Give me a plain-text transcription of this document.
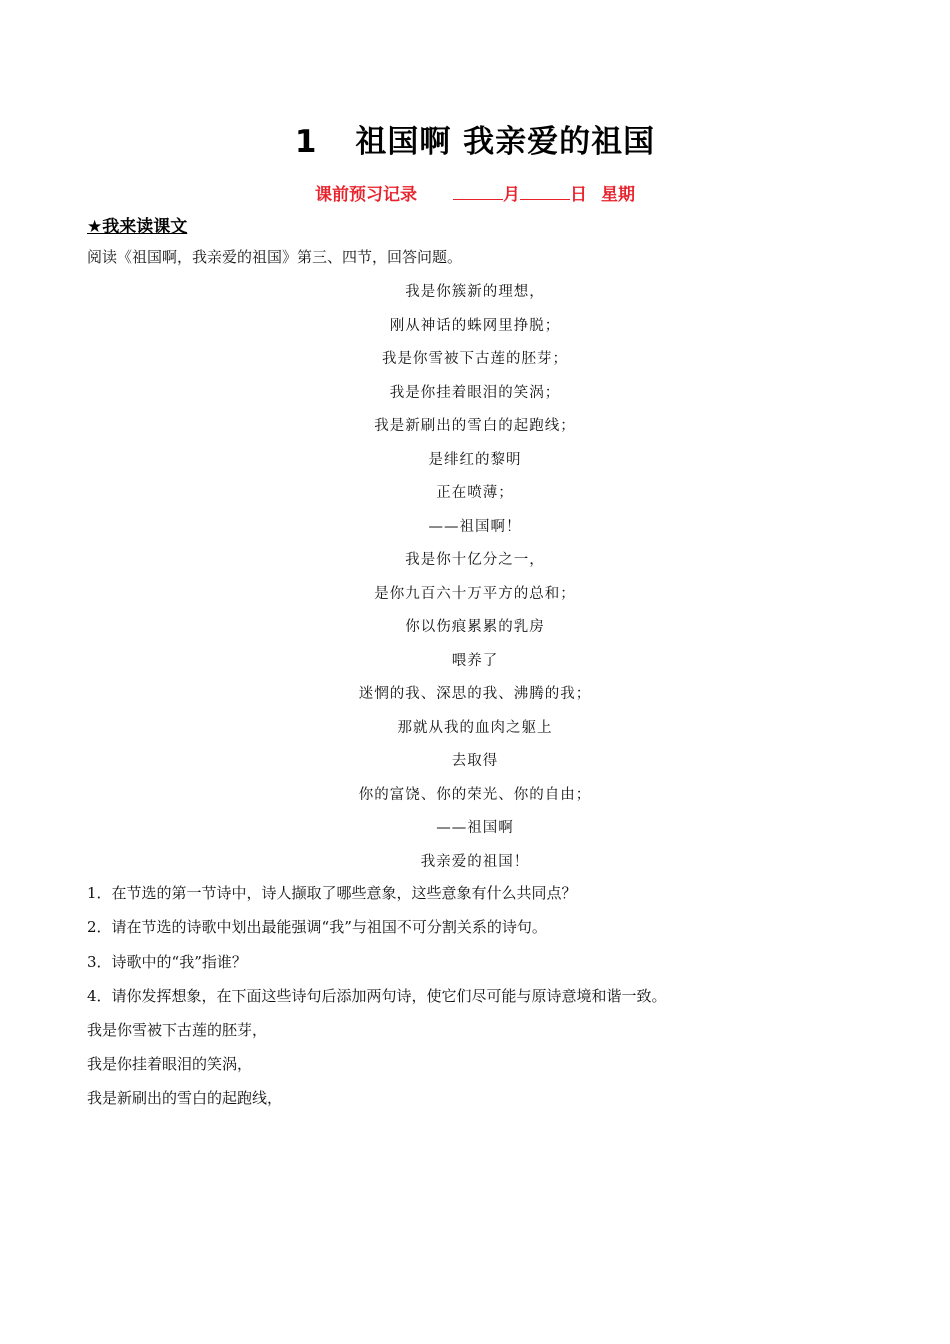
1 祖国啊 我亲爱的祖国
课前预习记录	月	日 星期
★我来读课文
阅读《祖国啊，我亲爱的祖国》第三、四节，回答问题。
我是你簇新的理想，
刚从神话的蛛网里挣脱；
我是你雪被下古莲的胚芽；
我是你挂着眼泪的笑涡；
我是新刷出的雪白的起跑线；
是绯红的黎明
正在喷薄；
——祖国啊！
我是你十亿分之一，
是你九百六十万平方的总和；
你以伤痕累累的乳房
喂养了
迷惘的我、深思的我、沸腾的我；
那就从我的血肉之躯上
去取得
你的富饶、你的荣光、你的自由；
——祖国啊
我亲爱的祖国！
1．在节选的第一节诗中，诗人撷取了哪些意象，这些意象有什么共同点？
2．请在节选的诗歌中划出最能强调“我”与祖国不可分割关系的诗句。
3．诗歌中的“我”指谁？
4．请你发挥想象，在下面这些诗句后添加两句诗，使它们尽可能与原诗意境和谐一致。
我是你雪被下古莲的胚芽，
我是你挂着眼泪的笑涡，
我是新刷出的雪白的起跑线，
